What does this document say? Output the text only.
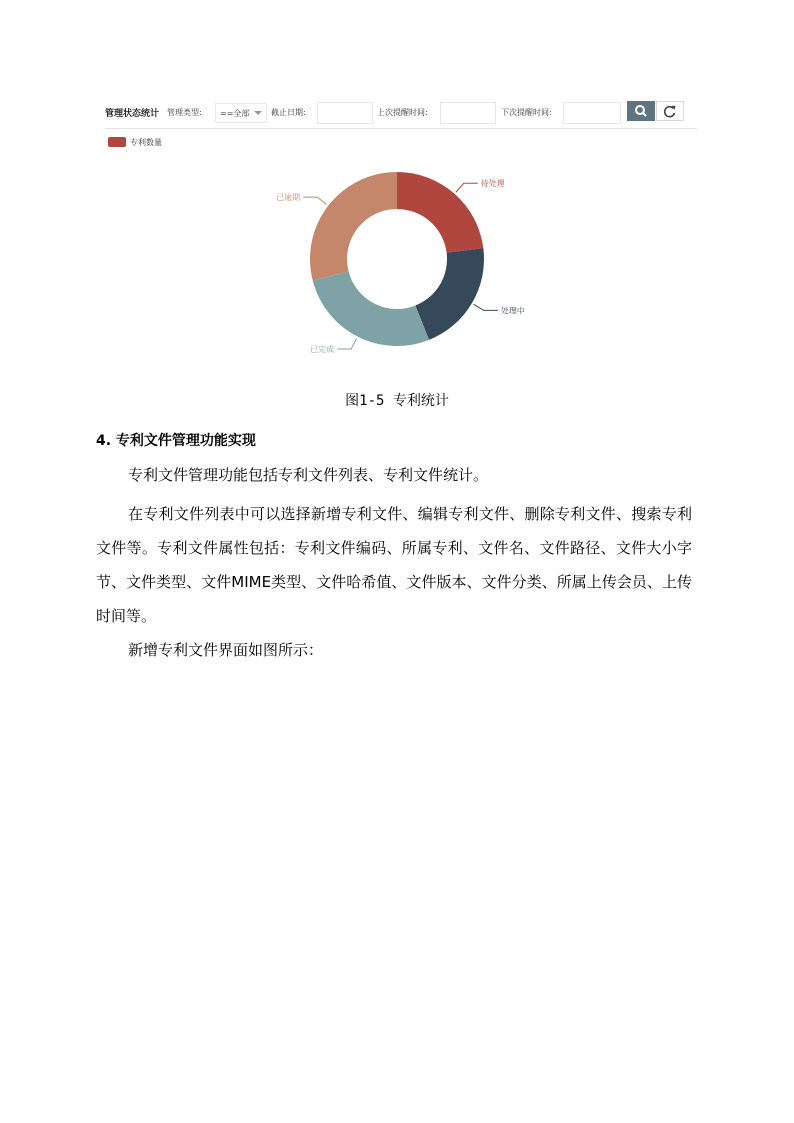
管理状态统计 管理类型: ==全部	截止日期:	上次提醒时间:	下次提醒时间:
专利数量
待处理
处理中
已完成
已逾期
图1-5 专利统计
4. 专利文件管理功能实现
专利文件管理功能包括专利文件列表、专利文件统计。
在专利文件列表中可以选择新增专利文件、编辑专利文件、删除专利文件、搜索专利文件等。专利文件属性包括：专利文件编码、所属专利、文件名、文件路径、文件大小字节、文件类型、文件MIME类型、文件哈希值、文件版本、文件分类、所属上传会员、上传时间等。
新增专利文件界面如图所示：
